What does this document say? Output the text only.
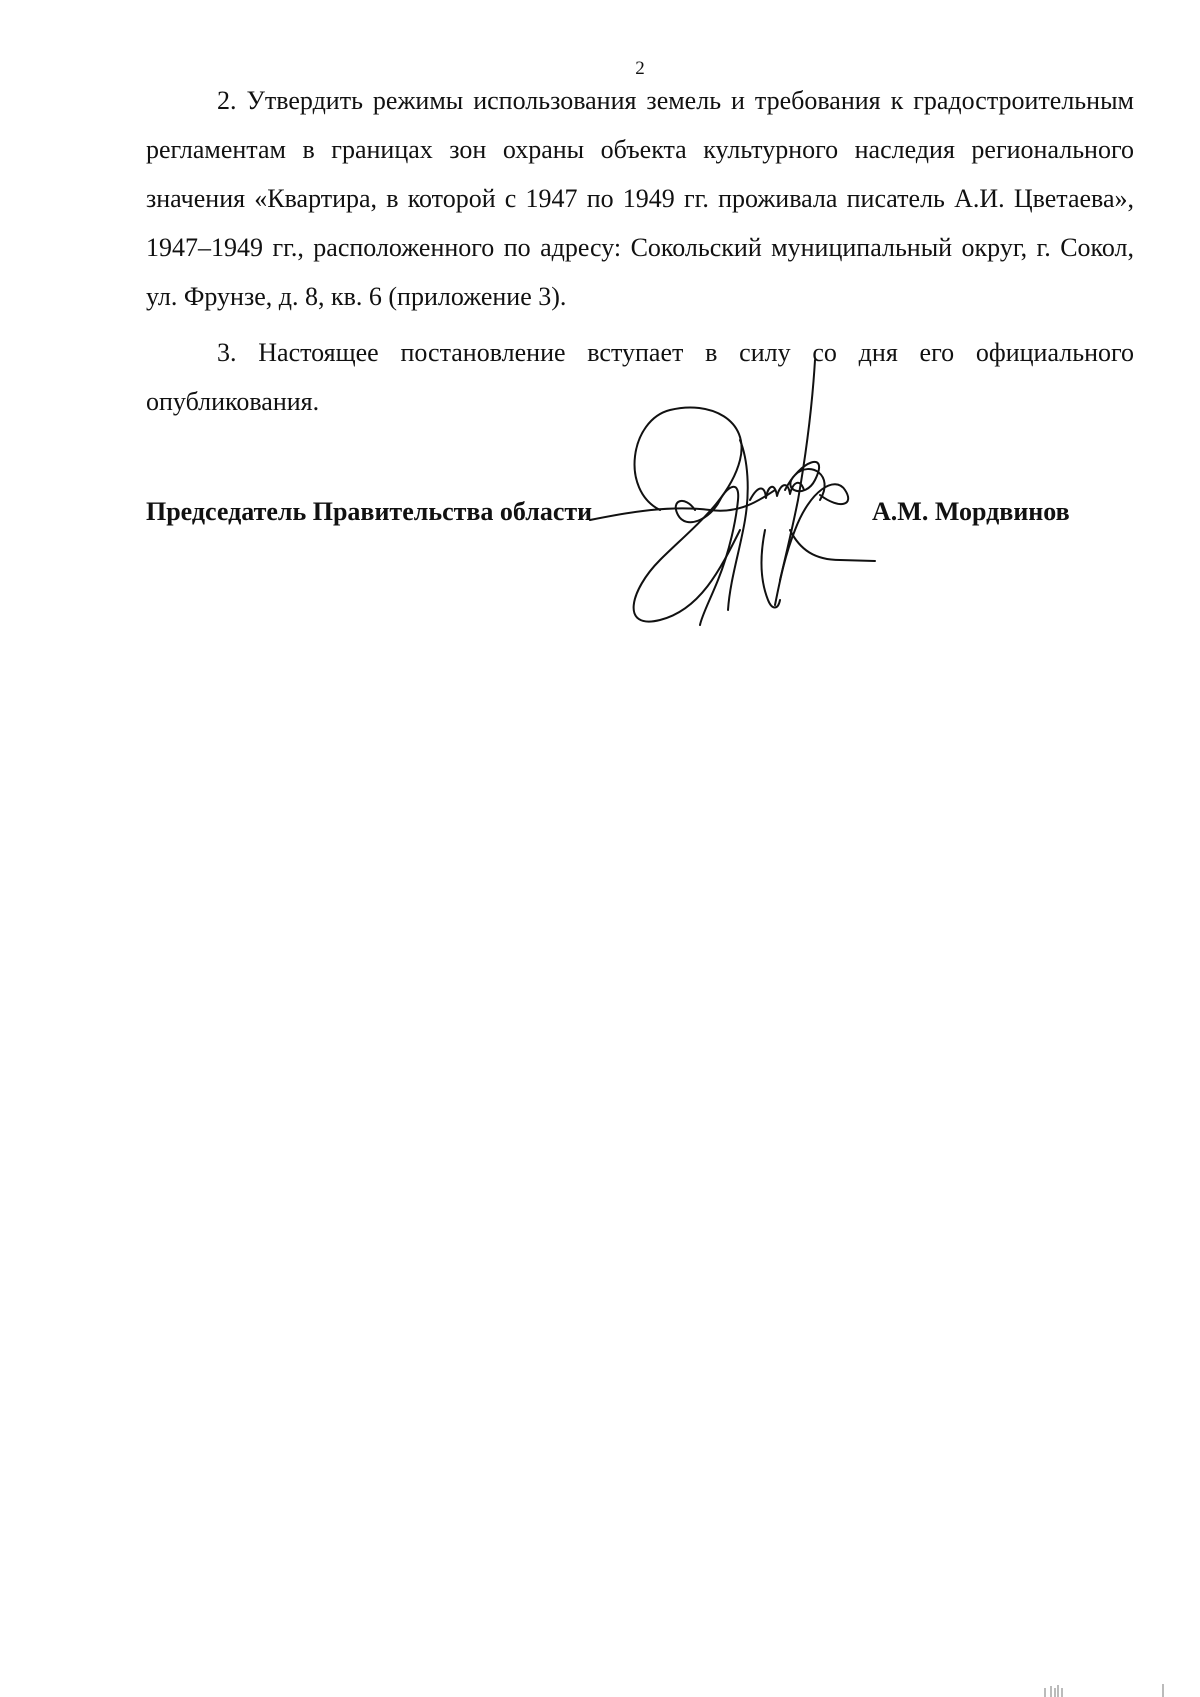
2

2. Утвердить режимы использования земель и требования к градостроительным регламентам в границах зон охраны объекта культурного наследия регионального значения «Квартира, в которой с 1947 по 1949 гг. проживала писатель А.И. Цветаева», 1947–1949 гг., расположенного по адресу: Сокольский муниципальный округ, г. Сокол, ул. Фрунзе, д. 8, кв. 6 (приложение 3).

3. Настоящее постановление вступает в силу со дня его официального опубликования.

Председатель Правительства области	А.М. Мордвинов
